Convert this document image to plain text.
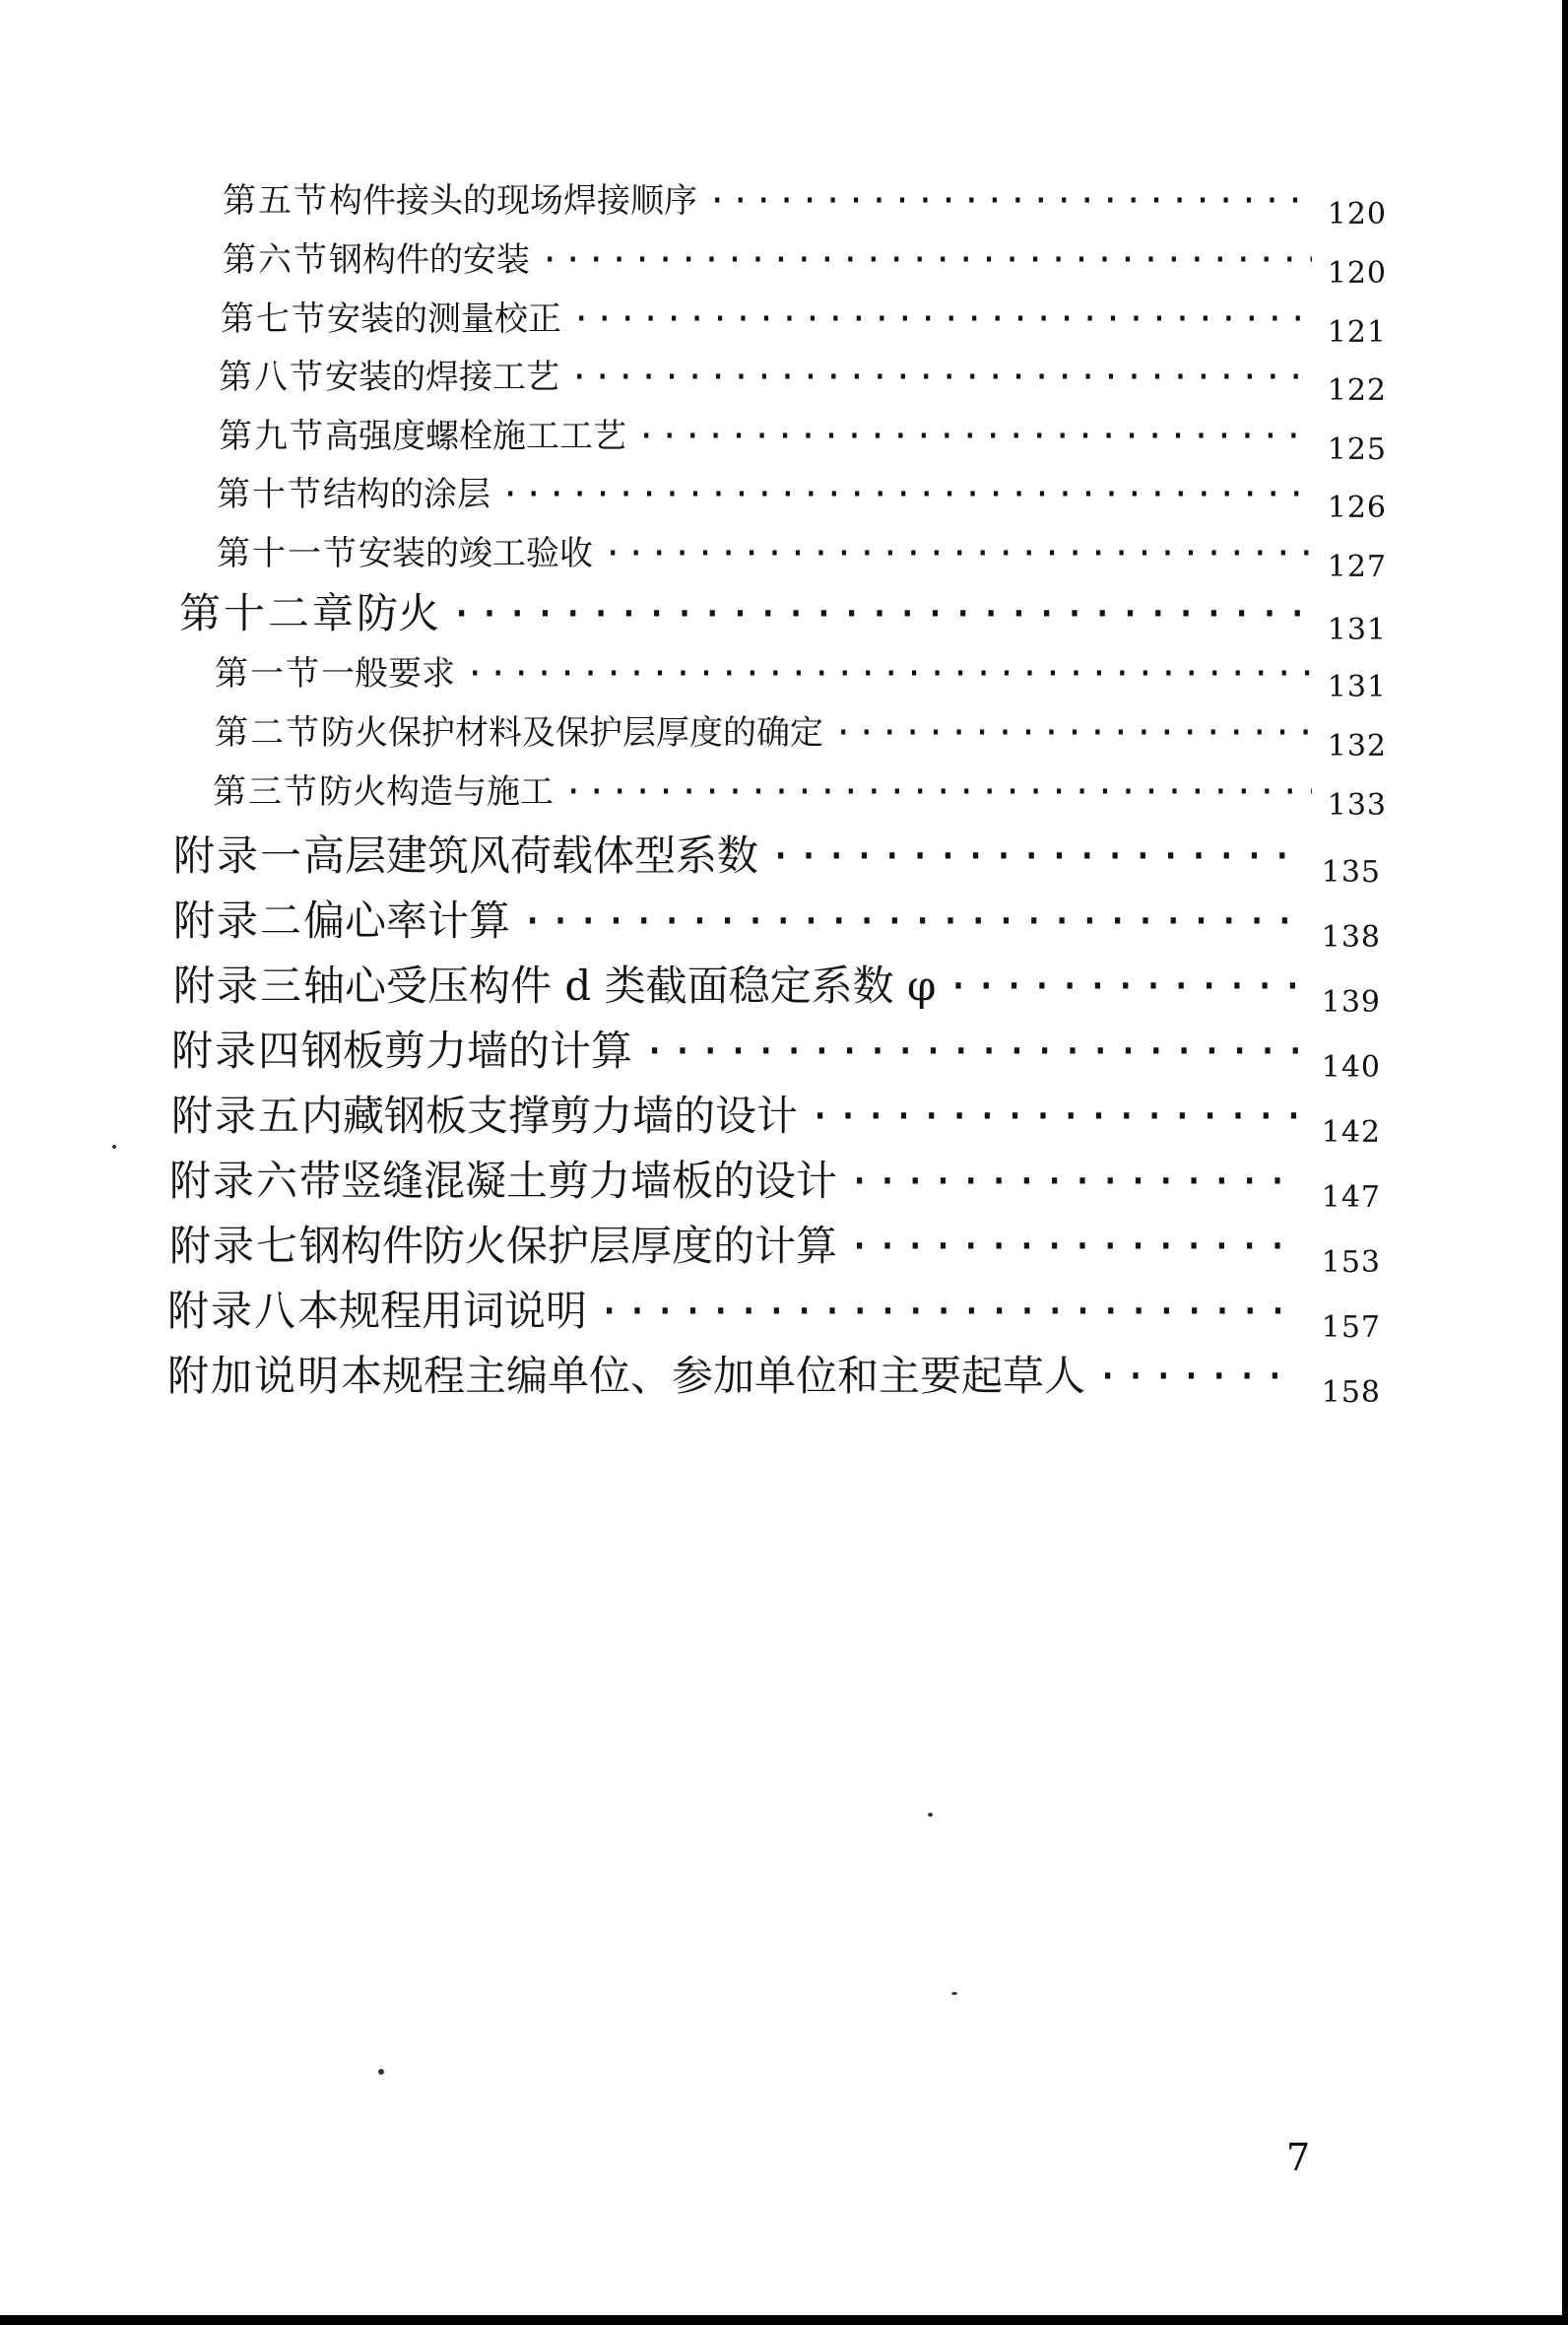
第五节 构件接头的现场焊接顺序 ·····	120
第六节 钢构件的安装 ·····	120
第七节 安装的测量校正 ·····	121
第八节 安装的焊接工艺 ·····	122
第九节 高强度螺栓施工工艺 ·····	125
第十节 结构的涂层 ·····	126
第十一节 安装的竣工验收 ·····	127
第十二章 防火 ·····	131
第一节 一般要求 ·····	131
第二节 防火保护材料及保护层厚度的确定 ·····	132
第三节 防火构造与施工 ·····	133
附录一 高层建筑风荷载体型系数 ·····	135
附录二 偏心率计算 ·····	138
附录三 轴心受压构件 d 类截面稳定系数 φ ·····	139
附录四 钢板剪力墙的计算 ·····	140
附录五 内藏钢板支撑剪力墙的设计 ·····	142
附录六 带竖缝混凝土剪力墙板的设计 ·····	147
附录七 钢构件防火保护层厚度的计算 ·····	153
附录八 本规程用词说明 ·····	157
附加说明 本规程主编单位、参加单位和主要起草人 ·····	158
7
